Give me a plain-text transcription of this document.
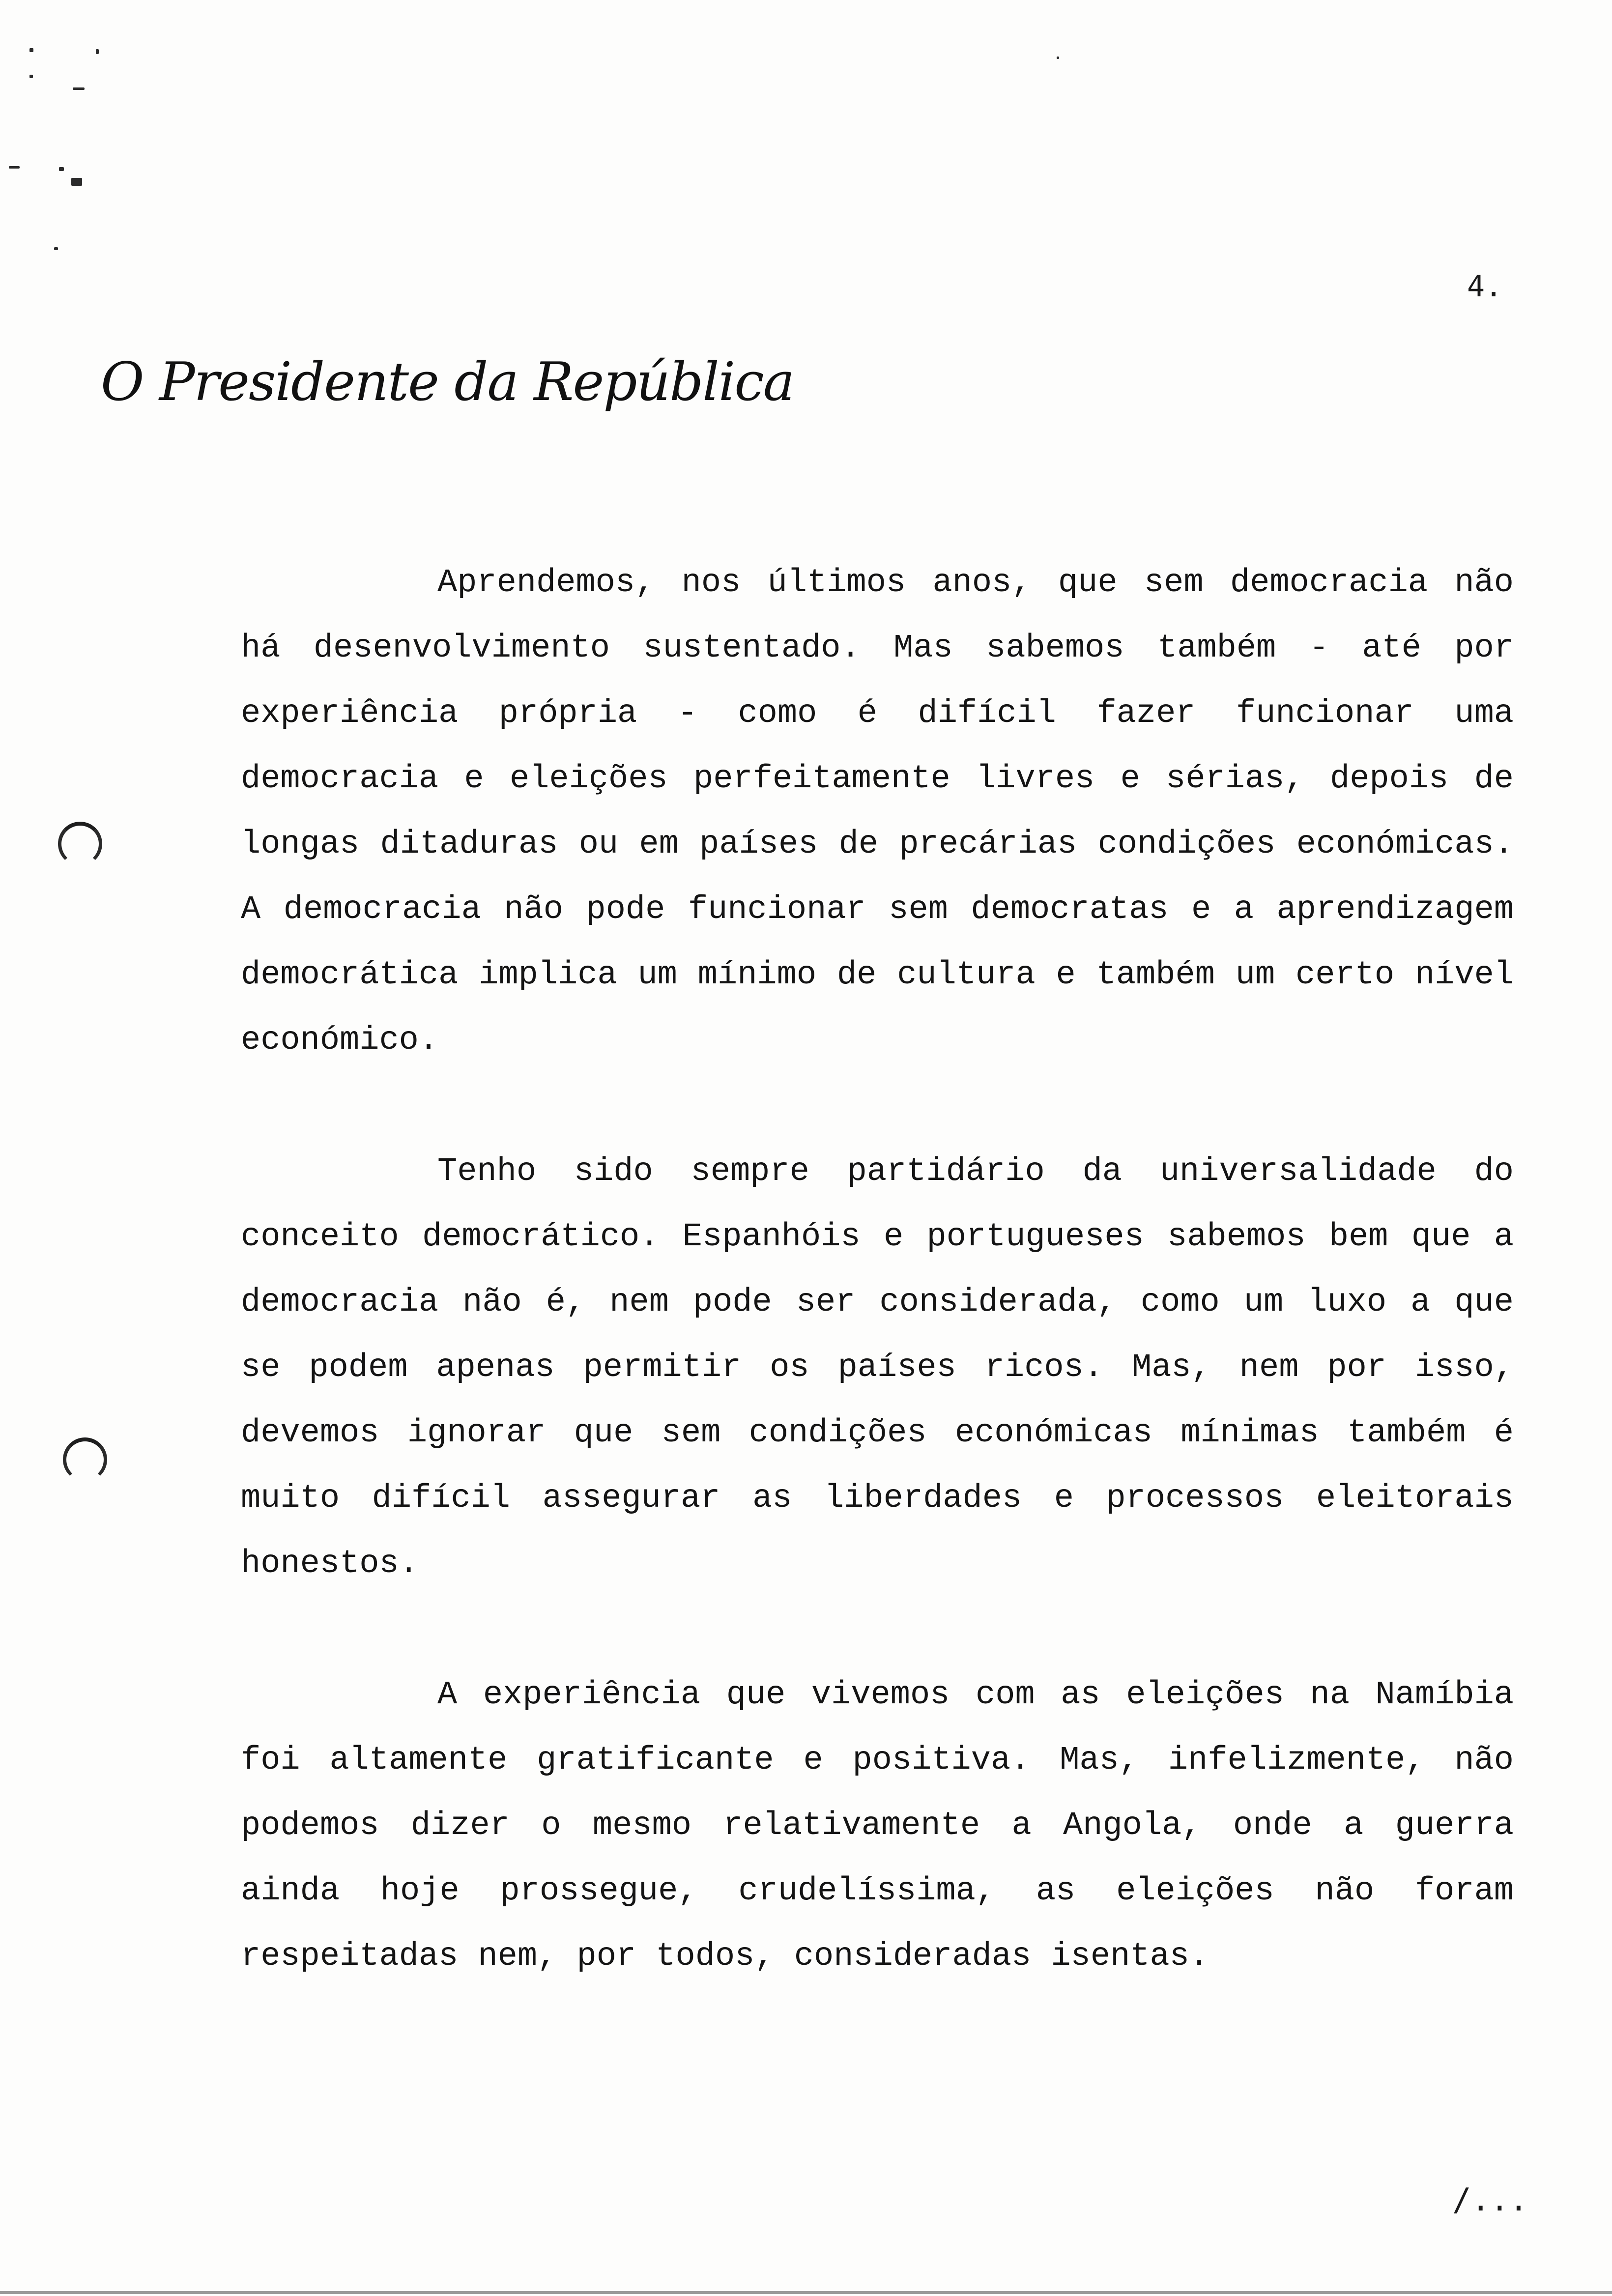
4.
O Presidente da República

Aprendemos, nos últimos anos, que sem democracia não há desenvolvimento sustentado. Mas sabemos também - até por experiência própria - como é difícil fazer funcionar uma democracia e eleições perfeitamente livres e sérias, depois de longas ditaduras ou em países de precárias condições económicas. A democracia não pode funcionar sem democratas e a aprendizagem democrática implica um mínimo de cultura e também um certo nível económico.

Tenho sido sempre partidário da universalidade do conceito democrático. Espanhóis e portugueses sabemos bem que a democracia não é, nem pode ser considerada, como um luxo a que se podem apenas permitir os países ricos. Mas, nem por isso, devemos ignorar que sem condições económicas mínimas também é muito difícil assegurar as liberdades e processos eleitorais honestos.

A experiência que vivemos com as eleições na Namíbia foi altamente gratificante e positiva. Mas, infelizmente, não podemos dizer o mesmo relativamente a Angola, onde a guerra ainda hoje prossegue, crudelíssima, as eleições não foram respeitadas nem, por todos, consideradas isentas.

/...
